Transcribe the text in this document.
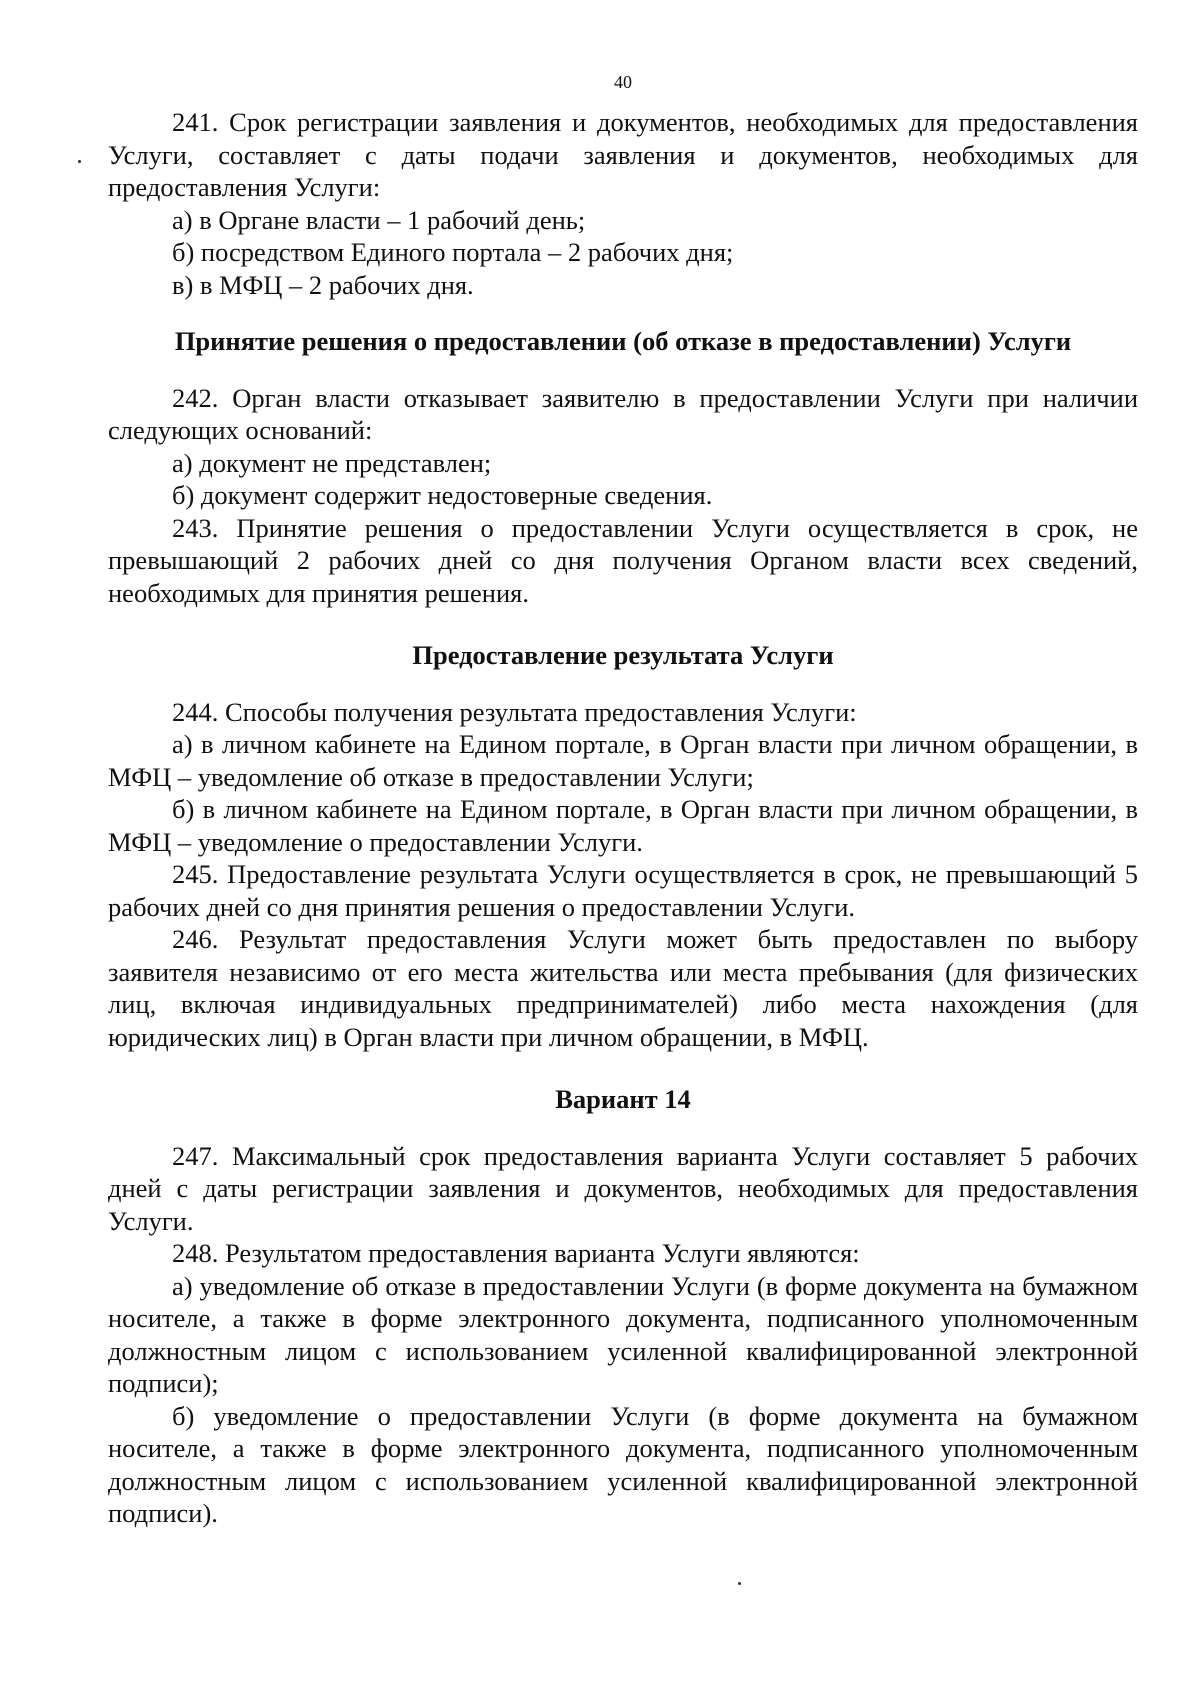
40

241. Срок регистрации заявления и документов, необходимых для предоставления Услуги, составляет с даты подачи заявления и документов, необходимых для предоставления Услуги:

а) в Органе власти – 1 рабочий день;

б) посредством Единого портала – 2 рабочих дня;

в) в МФЦ – 2 рабочих дня.

Принятие решения о предоставлении (об отказе в предоставлении) Услуги

242. Орган власти отказывает заявителю в предоставлении Услуги при наличии следующих оснований:

а) документ не представлен;

б) документ содержит недостоверные сведения.

243. Принятие решения о предоставлении Услуги осуществляется в срок, не превышающий 2 рабочих дней со дня получения Органом власти всех сведений, необходимых для принятия решения.

Предоставление результата Услуги

244. Способы получения результата предоставления Услуги:

а) в личном кабинете на Едином портале, в Орган власти при личном обращении, в МФЦ – уведомление об отказе в предоставлении Услуги;

б) в личном кабинете на Едином портале, в Орган власти при личном обращении, в МФЦ – уведомление о предоставлении Услуги.

245. Предоставление результата Услуги осуществляется в срок, не превышающий 5 рабочих дней со дня принятия решения о предоставлении Услуги.

246. Результат предоставления Услуги может быть предоставлен по выбору заявителя независимо от его места жительства или места пребывания (для физических лиц, включая индивидуальных предпринимателей) либо места нахождения (для юридических лиц) в Орган власти при личном обращении, в МФЦ.

Вариант 14

247. Максимальный срок предоставления варианта Услуги составляет 5 рабочих дней с даты регистрации заявления и документов, необходимых для предоставления Услуги.

248. Результатом предоставления варианта Услуги являются:

а) уведомление об отказе в предоставлении Услуги (в форме документа на бумажном носителе, а также в форме электронного документа, подписанного уполномоченным должностным лицом с использованием усиленной квалифицированной электронной подписи);

б) уведомление о предоставлении Услуги (в форме документа на бумажном носителе, а также в форме электронного документа, подписанного уполномоченным должностным лицом с использованием усиленной квалифицированной электронной подписи).
